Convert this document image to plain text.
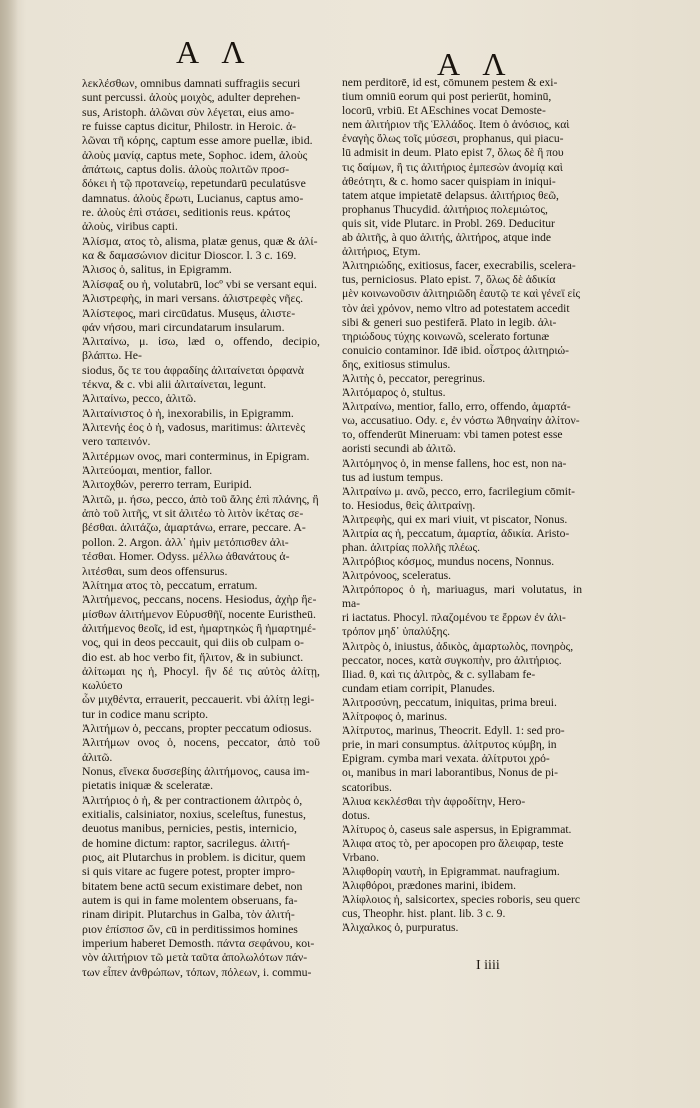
A Λ	A Λ

λεκλέσθων, omnibus damnati suffragiis securi

sunt percussi. ἀλοὺς μοιχὸς, adulter deprehen-

sus, Aristoph. ἀλῶναι σὺν λέγεται, eius amo-

re fuisse captus dicitur, Philostr. in Heroic. ἀ-

λῶναι τῆ κόρης, captum esse amore puellæ, ibid.

ἀλοὺς μανίᾳ, captus mete, Sophoc. idem, ἀλοὺς

ἀπάτωις, captus dolis. ἀλοὺς πολιτῶν προσ-

δόκει ἡ τῷ προτανείῳ, repetundarū peculatúsve

damnatus. ἀλοὺς ἔρωτι, Lucianus, captus amo-

re. ἀλοὺς ἐπὶ στάσει, seditionis reus. κράτος

ἀλοὺς, viribus capti.

Ἀλίσμα, ατος τὸ, alisma, platæ genus, quæ & ἀλί-

κα & δαμασώνιον dicitur Dioscor. l. 3 c. 169.

Ἀλισος ὁ, salitus, in Epigramm.

Ἀλίσφαξ ου ἡ, volutabrū, locº vbi se versant equi.

Ἀλιστρεφὴς, in mari versans. ἀλιστρεφὲς νῆες.

Ἀλίστεφος, mari circūdatus. Musęus, ἀλιστε-

φάν νήσου, mari circundatarum insularum.

Ἀλιταίνω, μ. ἰσω, læd o, offendo, decipio, βλάπτω. He-

siodus, ὅς τε του ἀφραδίης ἀλιταίνεται ὀρφανὰ

τέκνα, & c. vbi alii ἀλιταίνεται, legunt.

Ἀλιταίνω, pecco, ἀλιτῶ.

Ἀλιταίνιστος ὁ ἡ, inexorabilis, in Epigramm.

Ἀλιτενής ἐος ὁ ἡ, vadosus, maritimus: ἀλιτενὲς

vero ταπεινόν.

Ἀλιτέρμων ονος, mari conterminus, in Epigram.

Ἀλιτεύομαι, mentior, fallor.

Ἀλιτοχθών, pererro terram, Euripid.

Ἀλιτῶ, μ. ήσω, pecco, ἀπὸ τοῦ ἄλης ἐπὶ πλάνης, ἢ

ἀπὸ τοῦ λιτῆς, vt sit ἀλιτέω τὸ λιτὸν ἱκέτας σε-

βέσθαι. ἀλιτάζω, ἁμαρτάνω, errare, peccare. A-

pollon. 2. Argon. ἀλλ᾽ ἡμὶν μετόπισθεν ἀλι-

τέσθαι. Homer. Odyss. μέλλω ἀθανάτους ἀ-

λιτέσθαι, sum deos offensurus.

Ἀλίτημα ατος τὸ, peccatum, erratum.

Ἀλιτήμενος, peccans, nocens. Hesiodus, ἀχὴρ ἢε-

μίσθων ἀλιτήμενον Εὐρυσθῆϊ, nocente Euristheū.

ἀλιτήμενος θεοῖς, id est, ἡμαρτηκὼς ἢ ἡμαρτημέ-

νος, qui in deos peccauit, qui diis ob culpam o-

dio est. ab hoc verbo fit, ἤλιτον, & in subiunct.

ἀλίτωμαι ης ἡ, Phocyl. ἢν δέ τις αὐτὸς ἀλίτῃ, κωλύετο

ὧν μιχθέντα, errauerit, peccauerit. vbi ἀλίτῃ legi-

tur in codice manu scripto.

Ἀλιτήμων ὁ, peccans, propter peccatum odiosus.

Ἀλιτήμων ονος ὁ, nocens, peccator, ἀπὸ τοῦ ἀλιτῶ.

Nonus, εἵνεκα δυσσεβίης ἀλιτήμονος, causa im-

pietatis iniquæ & sceleratæ.

Ἀλιτήριος ὁ ἡ, & per contractionem ἀλιτρὸς ὁ,

exitialis, calsiniator, noxius, sceleſtus, funestus,

deuotus manibus, pernicies, pestis, internicio,

de homine dictum: raptor, sacrilegus. ἀλιτή-

ριος, ait Plutarchus in problem. is dicitur, quem

si quis vitare ac fugere potest, propter impro-

bitatem bene actū secum existimare debet, non

autem is qui in fame molentem obseruans, fa-

rinam diripit. Plutarchus in Galba, τὸν ἀλιτή-

ριον ἐπίσποσ ὤν, cū in perditissimos homines

imperium haberet Demosth. πάντα σεφάνου, κοι-

νὸν ἀλιτήριον τῶ μετὰ ταῦτα ἀπολωλότων πάν-

των εἶπεν ἀνθρώπων, τόπων, πόλεων, i. commu-

nem perditorē, id est, cōmunem pestem & exi-

tium omniū eorum qui post perierūt, hominū,

locorū, vrbiū. Et AEschines vocat Demoste-

nem ἀλιτήριον τῆς Ἑλλάδος. Item ὁ ἀνόσιος, καὶ

ἐναγὴς ὅλως τοῖς μύσεσι, prophanus, qui piacu-

lū admisit in deum. Plato epist 7, ὅλως δὲ ἢ που

τις δαίμων, ἢ τις ἀλιτήριος ἐμπεσὼν ἀνομίᾳ καὶ

ἀθεότητι, & c. homo sacer quispiam in iniqui-

tatem atque impietatē delapsus. ἀλιτήριος θεῶ,

prophanus Thucydid. ἀλιτήριος πολεμιώτος,

quis sit, vide Plutarc. in Probl. 269. Deducitur

ab ἀλιτῆς, à quo ἀλιτής, ἀλιτήρος, atque inde

ἀλιτήριος, Etym.

Ἀλιτηριώδης, exitiosus, facer, execrabilis, scelera-

tus, perniciosus. Plato epist. 7, ὅλως δὲ ἀδικία

μὲν κοινωνοῦσιν ἀλιτηριῶδη ἑαυτῷ τε καὶ γένεϊ εἰς

τὸν ἀεὶ χρόνον, nemo vltro ad potestatem accedit

sibi & generi suo pestiferā. Plato in legib. ἀλι-

τηριώδους τύχης κοινωνῶ, scelerato fortunæ

conuicio contaminor. Idē ibid. οἶστρος ἀλιτηριώ-

δης, exitiosus stimulus.

Ἀλιτὴς ὁ, peccator, peregrinus.

Ἀλιτόμαρος ὁ, stultus.

Ἀλιτραίνω, mentior, fallo, erro, offendo, ἁμαρτά-

νω, accusatiuo. Ody. ε, ἐν νόστω Ἀθηναίην ἀλίτον-

το, offenderūt Mineruam: vbi tamen potest esse

aoristi secundi ab ἀλιτῶ.

Ἀλιτόμηνος ὁ, in mense fallens, hoc est, non na-

tus ad iustum tempus.

Ἀλιτραίνω μ. ανῶ, pecco, erro, facrilegium cōmit-

to. Hesiodus, θεὶς ἀλιτραίνῃ.

Ἀλιτρεφὴς, qui ex mari viuit, vt piscator, Nonus.

Ἀλιτρία ας ἡ, peccatum, ἁμαρτία, ἀδικία. Aristo-

phan. ἀλιτρίας πολλῆς πλέως.

Ἀλιτρόβιος κόσμος, mundus nocens, Nonnus.

Ἀλιτρόνοος, sceleratus.

Ἀλιτρόπορος ὁ ἡ, mariuagus, mari volutatus, in ma-

ri iactatus. Phocyl. πλαζομένου τε ἔρρων ἐν ἀλι-

τρόπον μηδ᾽ ὑπαλύξης.

Ἀλιτρὸς ὁ, iniustus, ἀδικὸς, ἁμαρτωλὸς, πονηρὸς,

peccator, noces, κατὰ συγκοπὴν, pro ἀλιτήριος.

Iliad. θ, καὶ τις ἀλιτρὸς, & c. syllabam fe-

cundam etiam corripit, Planudes.

Ἀλιτροσύνη, peccatum, iniquitas, prima breui.

Ἀλίτροφος ὁ, marinus.

Ἀλίτρυτος, marinus, Theocrit. Edyll. 1: sed pro-

prie, in mari consumptus. ἁλίτρυτος κύμβη, in

Epigram. cymba mari vexata. ἁλίτρυτοι χρό-

οι, manibus in mari laborantibus, Nonus de pi-

scatoribus.

Ἀλιυα κεκλέσθαι τὴν ἀφροδίτην, Hero-

dotus.

Ἀλίτυρος ὁ, caseus sale aspersus, in Epigrammat.

Ἀλιφα ατος τὸ, per apocopen pro ἄλειφαρ, teste

Vrbano.

Ἀλιφθορίη ναυτὴ, in Epigrammat. naufragium.

Ἀλιφθόροι, prædones marini, ibidem.

Ἀλίφλοιος ἡ, salsicortex, species roboris, seu querc

cus, Theophr. hist. plant. lib. 3 c. 9.

Ἀλιχαλκος ὁ, purpuratus.

I iiii
